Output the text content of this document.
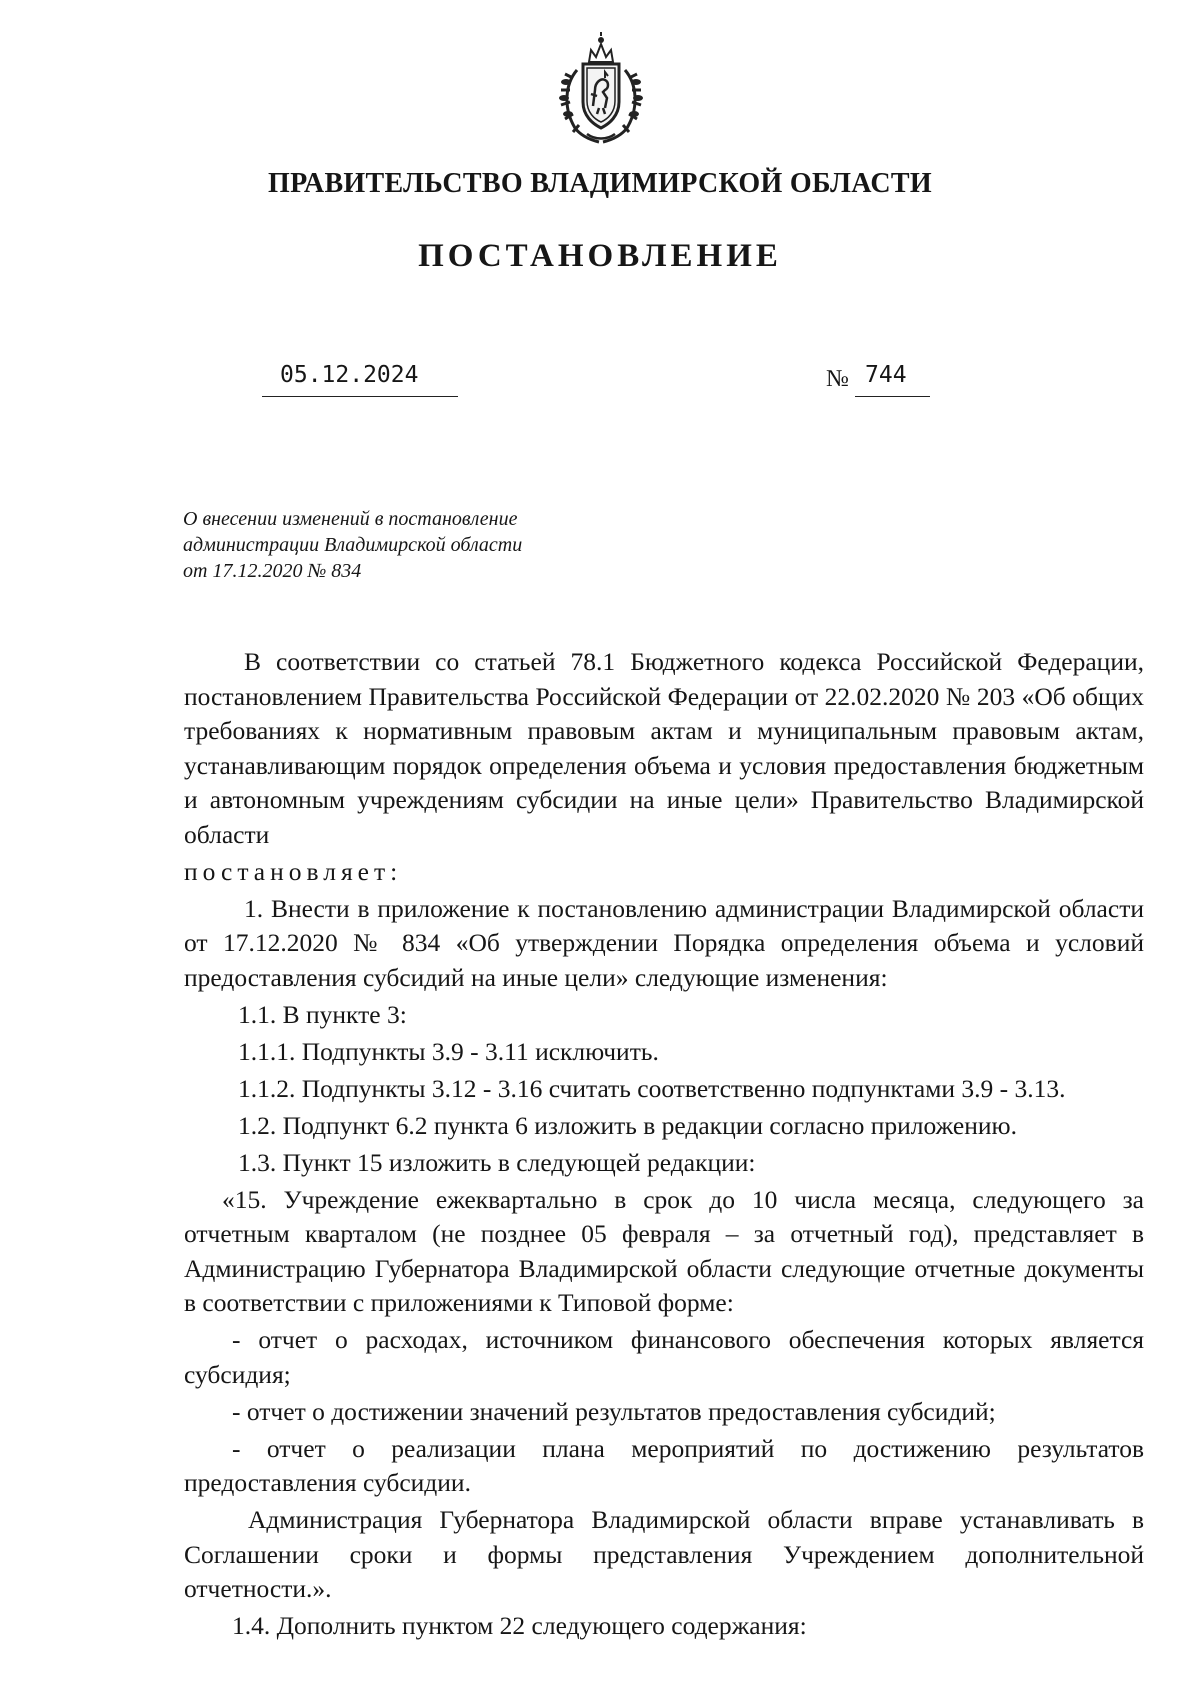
ПРАВИТЕЛЬСТВО ВЛАДИМИРСКОЙ ОБЛАСТИ
ПОСТАНОВЛЕНИЕ
05.12.2024	№ 744
О внесении изменений в постановление
администрации Владимирской области
от 17.12.2020 № 834

В соответствии со статьей 78.1 Бюджетного кодекса Российской Федерации, постановлением Правительства Российской Федерации от 22.02.2020 № 203 «Об общих требованиях к нормативным правовым актам и муниципальным правовым актам, устанавливающим порядок определения объема и условия предоставления бюджетным и автономным учреждениям субсидии на иные цели» Правительство Владимирской области

постановляет:

1. Внести в приложение к постановлению администрации Владимирской области от 17.12.2020 № 834 «Об утверждении Порядка определения объема и условий предоставления субсидий на иные цели» следующие изменения:

1.1. В пункте 3:

1.1.1. Подпункты 3.9 - 3.11 исключить.

1.1.2. Подпункты 3.12 - 3.16 считать соответственно подпунктами 3.9 - 3.13.

1.2. Подпункт 6.2 пункта 6 изложить в редакции согласно приложению.

1.3. Пункт 15 изложить в следующей редакции:

«15. Учреждение ежеквартально в срок до 10 числа месяца, следующего за отчетным кварталом (не позднее 05 февраля – за отчетный год), представляет в Администрацию Губернатора Владимирской области следующие отчетные документы в соответствии с приложениями к Типовой форме:

- отчет о расходах, источником финансового обеспечения которых является субсидия;

- отчет о достижении значений результатов предоставления субсидий;

- отчет о реализации плана мероприятий по достижению результатов предоставления субсидии.

Администрация Губернатора Владимирской области вправе устанавливать в Соглашении сроки и формы представления Учреждением дополнительной отчетности.».

1.4. Дополнить пунктом 22 следующего содержания:
